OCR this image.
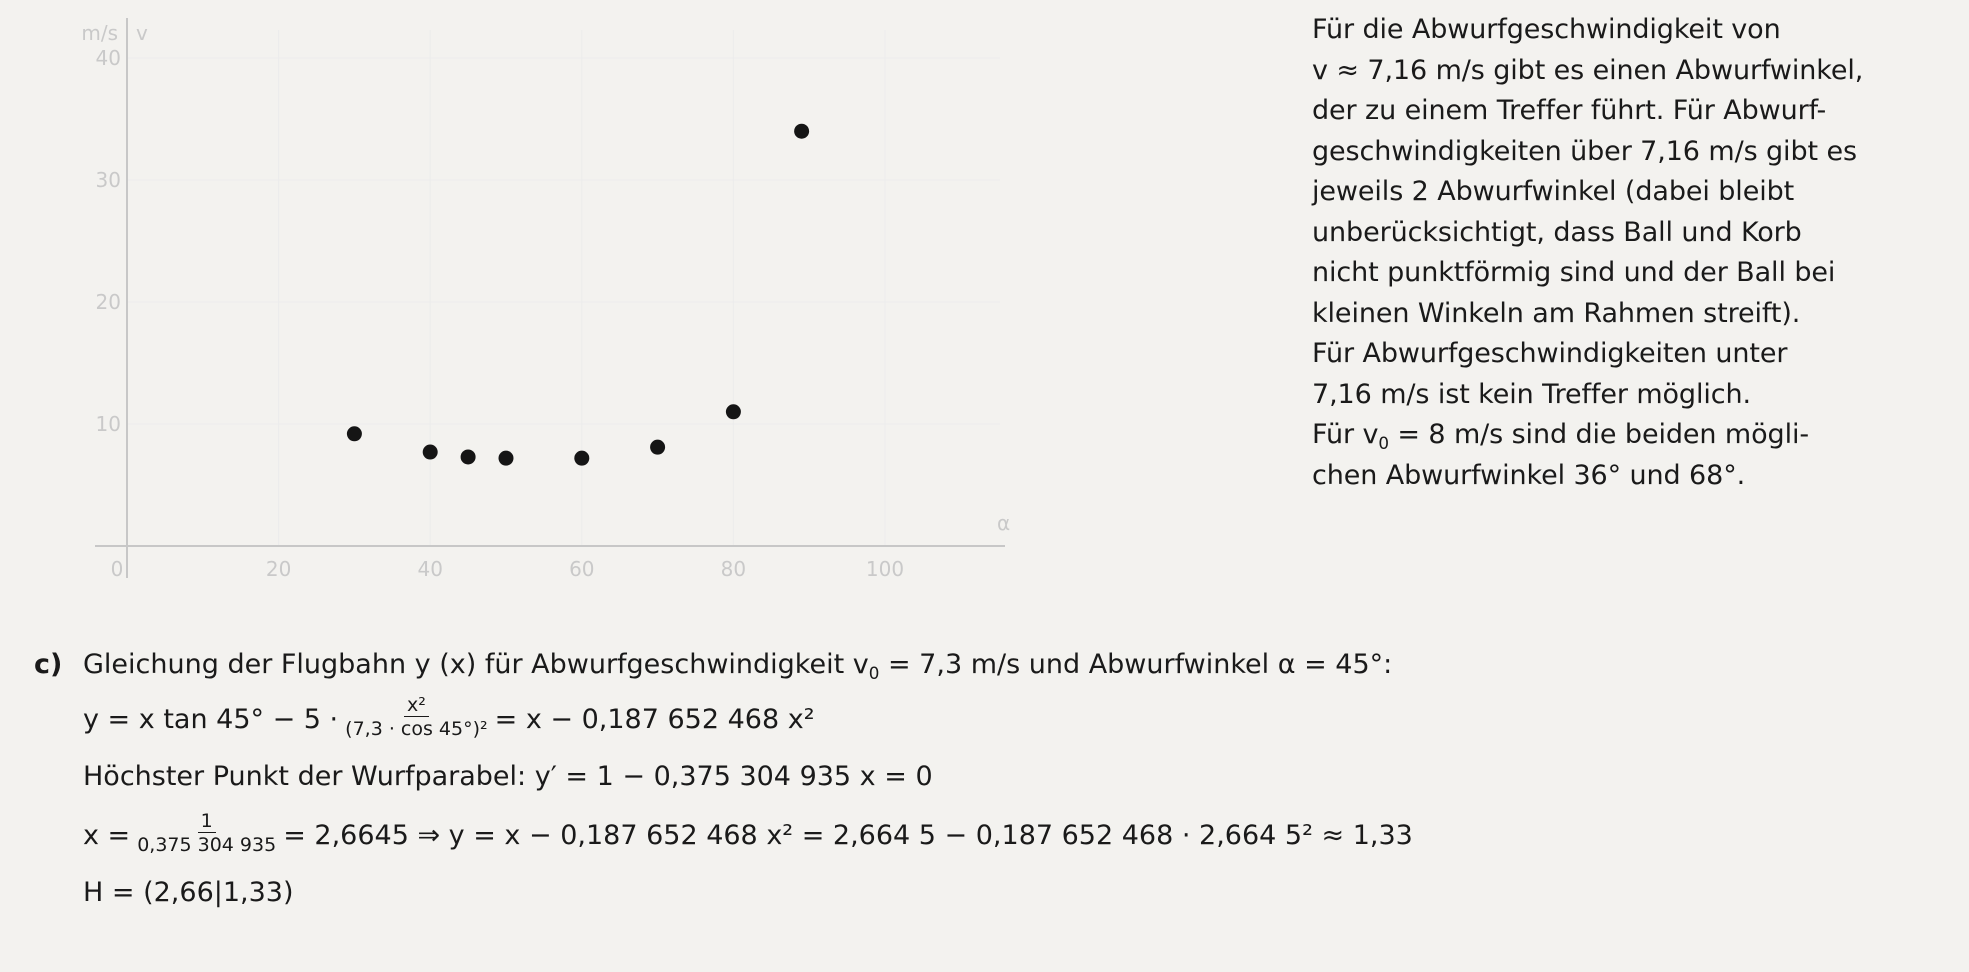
m/s v
α
0	20	40	60	80	100
10
20
30
40
Für die Abwurfgeschwindigkeit von
v ≈ 7,16 m/s gibt es einen Abwurfwinkel,
der zu einem Treffer führt. Für Abwurf-
geschwindigkeiten über 7,16 m/s gibt es
jeweils 2 Abwurfwinkel (dabei bleibt
unberücksichtigt, dass Ball und Korb
nicht punktförmig sind und der Ball bei
kleinen Winkeln am Rahmen streift).
Für Abwurfgeschwindigkeiten unter
7,16 m/s ist kein Treffer möglich.
Für $v_0 = 8$ m/s sind die beiden mögli-
chen Abwurfwinkel 36° und 68°.
c) Gleichung der Flugbahn y (x) für Abwurfgeschwindigkeit $v_0 = 7,3$ m/s und Abwurfwinkel α = 45°:
y = x $\tan 45^\circ - 5 \cdot \frac{\text{x²}}{\text{(7,3 · cos 45°)²}} = x - 0,187$ 652 468 x²
Höchster Punkt der Wurfparabel: y′ = 1 − 0,375 304 935 x = 0
$x = \frac{1}{0,375 304 935} = 2,6645$ ⇒ y = x − 0,187 652 468 x² = 2,664 5 − 0,187 652 468 · 2,664 5² ≈ 1,33
H = (2,66|1,33)
